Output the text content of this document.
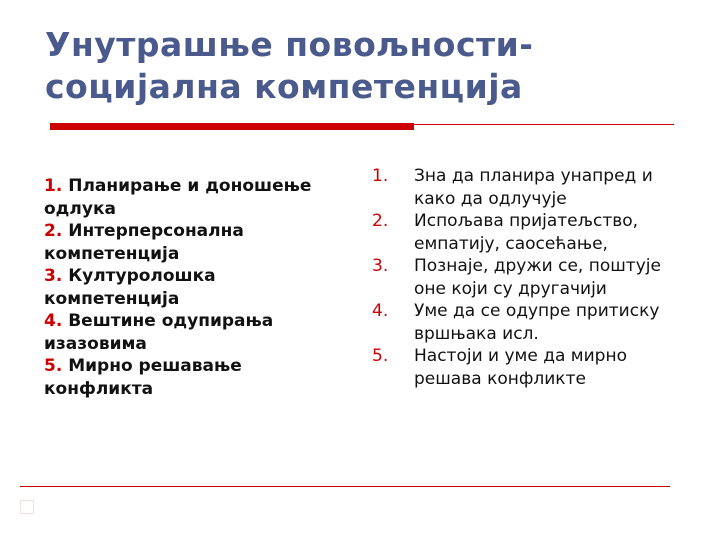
Унутрашње повољности-
социјална компетенција
1. Планирање и доношење одлука
2. Интерперсонална компетенција
3. Културолошка компетенција
4. Вештине одупирања изазовима
5. Мирно решавање конфликта
1.	Зна да планира унапред и како да одлучује
2.	Испољава пријатељство, емпатију, саосећање,
3.	Познаје, дружи се, поштује оне који су другачији
4.	Уме да се одупре притиску вршњака исл.
5.	Настоји и уме да мирно решава конфликте
